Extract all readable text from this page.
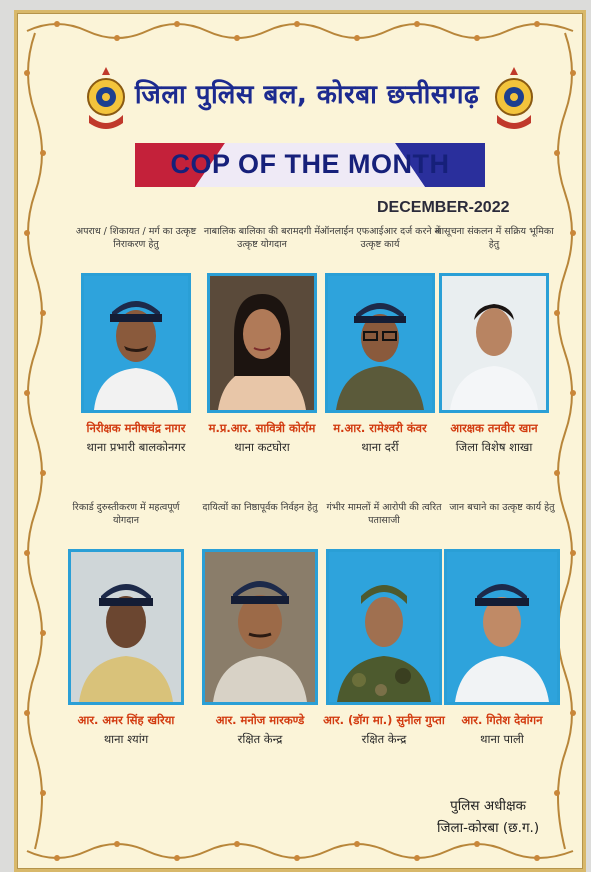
जिला पुलिस बल, कोरबा छत्तीसगढ़
COP OF THE MONTH
DECEMBER-2022
अपराध / शिकायत / मर्ग का उत्कृष्ट निराकरण हेतु
निरीक्षक मनीषचंद्र नागर
थाना प्रभारी बालकोनगर
नाबालिक बालिका की बरामदगी में उत्कृष्ट योगदान
म.प्र.आर. सावित्री कोर्राम
थाना कटघोरा
ऑनलाईन एफआईआर दर्ज करने में उत्कृष्ट कार्य
म.आर. रामेश्वरी कंवर
थाना दर्री
आसूचना संकलन में सक्रिय भूमिका हेतु
आरक्षक तनवीर खान
जिला विशेष शाखा
रिकार्ड दुरुस्तीकरण में महत्वपूर्ण योगदान
आर. अमर सिंह खरिया
थाना श्यांग
दायित्वों का निष्ठापूर्वक निर्वहन हेतु
आर. मनोज मारकण्डे
रक्षित केन्द्र
गंभीर मामलों में आरोपी की त्वरित पतासाजी
आर. (डॉग मा.) सुनील गुप्ता
रक्षित केन्द्र
जान बचाने का उत्कृष्ट कार्य हेतु
आर. गितेश देवांगन
थाना पाली
पुलिस अधीक्षक
जिला-कोरबा (छ.ग.)
